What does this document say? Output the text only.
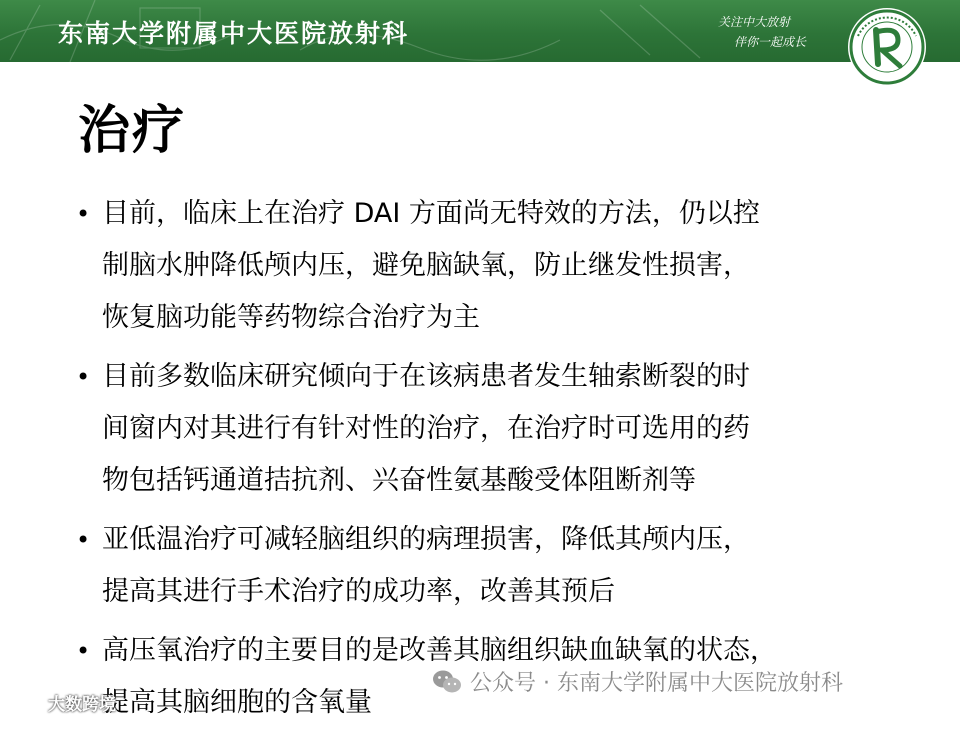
东南大学附属中大医院放射科	关注中大放射
伴你一起成长
治疗
• 目前，临床上在治疗 DAI 方面尚无特效的方法，仍以控
制脑水肿降低颅内压，避免脑缺氧，防止继发性损害，
恢复脑功能等药物综合治疗为主
• 目前多数临床研究倾向于在该病患者发生轴索断裂的时
间窗内对其进行有针对性的治疗，在治疗时可选用的药
物包括钙通道拮抗剂、兴奋性氨基酸受体阻断剂等
• 亚低温治疗可减轻脑组织的病理损害，降低其颅内压，
提高其进行手术治疗的成功率，改善其预后
• 高压氧治疗的主要目的是改善其脑组织缺血缺氧的状态，
提高其脑细胞的含氧量
公众号 · 东南大学附属中大医院放射科
大数跨境
